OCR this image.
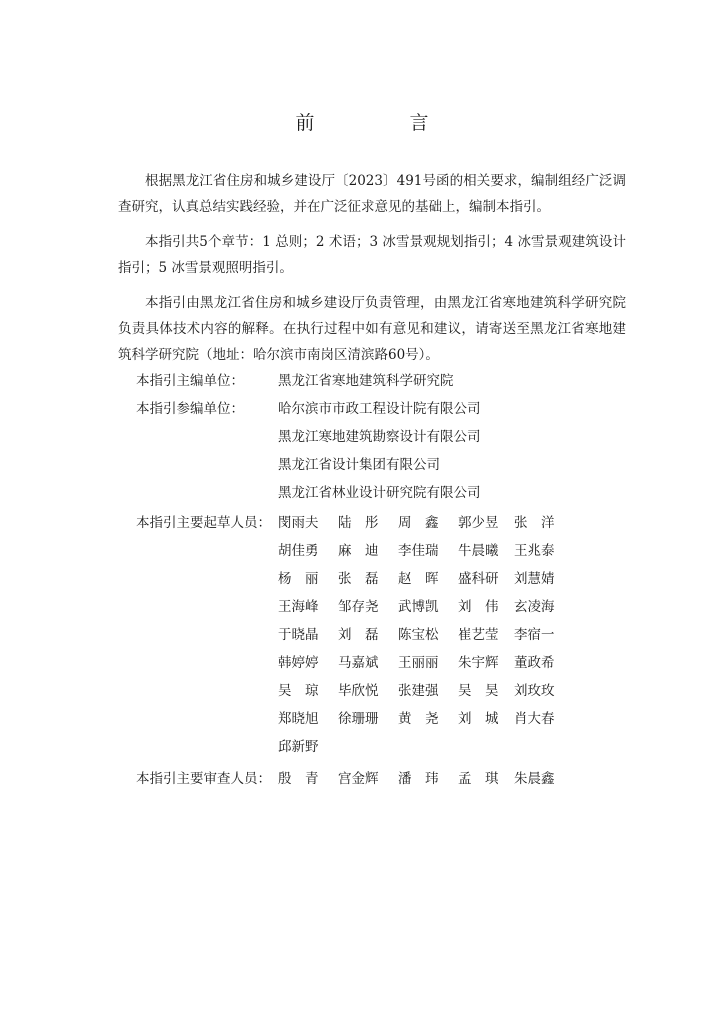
前　言

根据黑龙江省住房和城乡建设厅〔2023〕491号函的相关要求，编制组经广泛调查研究，认真总结实践经验，并在广泛征求意见的基础上，编制本指引。

本指引共5个章节：1 总则；2 术语；3 冰雪景观规划指引；4 冰雪景观建筑设计指引；5 冰雪景观照明指引。

本指引由黑龙江省住房和城乡建设厅负责管理，由黑龙江省寒地建筑科学研究院负责具体技术内容的解释。在执行过程中如有意见和建议，请寄送至黑龙江省寒地建筑科学研究院（地址：哈尔滨市南岗区清滨路60号）。

本指引主编单位：	黑龙江省寒地建筑科学研究院
本指引参编单位：	哈尔滨市市政工程设计院有限公司
黑龙江寒地建筑勘察设计有限公司
黑龙江省设计集团有限公司
黑龙江省林业设计研究院有限公司
本指引主要起草人员： 閔雨夫 陆　彤 周　鑫 郭少昱 张　洋
胡佳勇 麻　迪 李佳瑞 牛晨曦 王兆泰
杨　丽 张　磊 赵　晖 盛科研 刘慧婧
王海峰 邹存尧 武博凯 刘　伟 玄凌海
于晓晶 刘　磊 陈宝松 崔艺莹 李宿一
韩婷婷 马嘉斌 王丽丽 朱宇辉 董政希
吴　琼 毕欣悦 张建强 吴　昊 刘玫玫
郑晓旭 徐珊珊 黄　尧 刘　城 肖大春
邱新野
本指引主要审查人员： 殷　青 宫金辉 潘　玮 孟　琪 朱晨鑫
